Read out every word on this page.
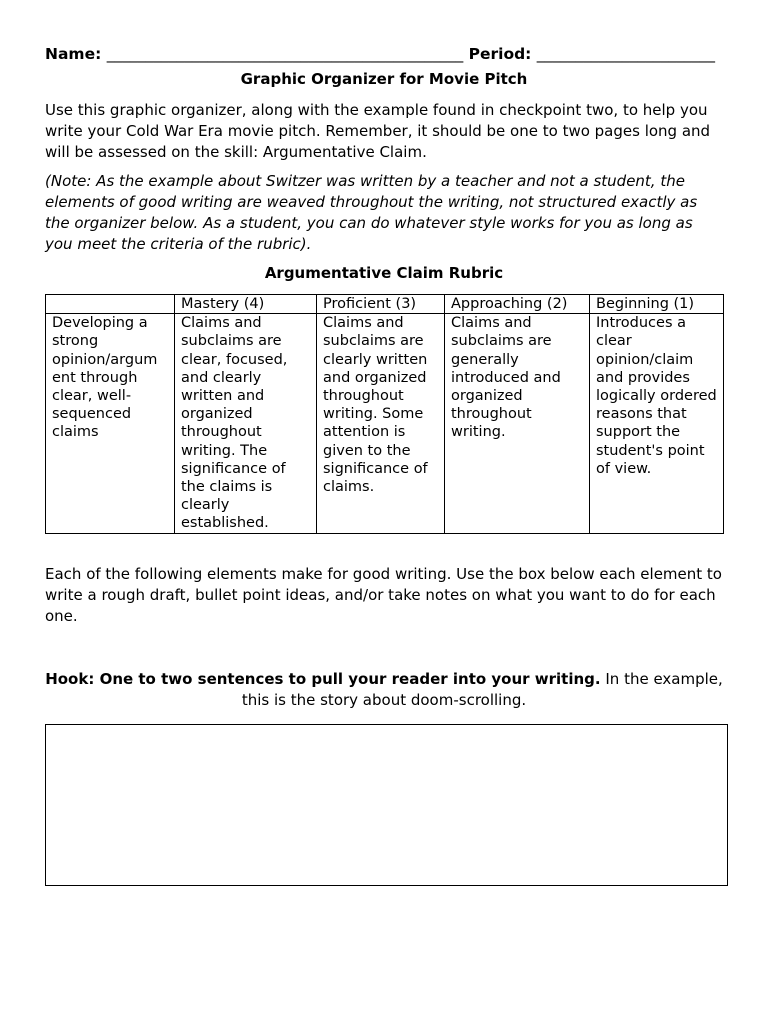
Name: ______________________________________________ Period: _______________________
Graphic Organizer for Movie Pitch

Use this graphic organizer, along with the example found in checkpoint two, to help you write your Cold War Era movie pitch. Remember, it should be one to two pages long and will be assessed on the skill: Argumentative Claim.

(Note: As the example about Switzer was written by a teacher and not a student, the elements of good writing are weaved throughout the writing, not structured exactly as the organizer below. As a student, you can do whatever style works for you as long as you meet the criteria of the rubric).

Argumentative Claim Rubric
	Mastery (4)	Proficient (3)	Approaching (2)	Beginning (1)
Developing a strong opinion/argum ent through clear, well-sequenced claims	Claims and subclaims are clear, focused, and clearly written and organized throughout writing. The significance of the claims is clearly established.	Claims and subclaims are clearly written and organized throughout writing. Some attention is given to the significance of claims.	Claims and subclaims are generally introduced and organized throughout writing.	Introduces a clear opinion/claim and provides logically ordered reasons that support the student's point of view.

Each of the following elements make for good writing. Use the box below each element to write a rough draft, bullet point ideas, and/or take notes on what you want to do for each one.

Hook: One to two sentences to pull your reader into your writing. In the example, this is the story about doom-scrolling.
